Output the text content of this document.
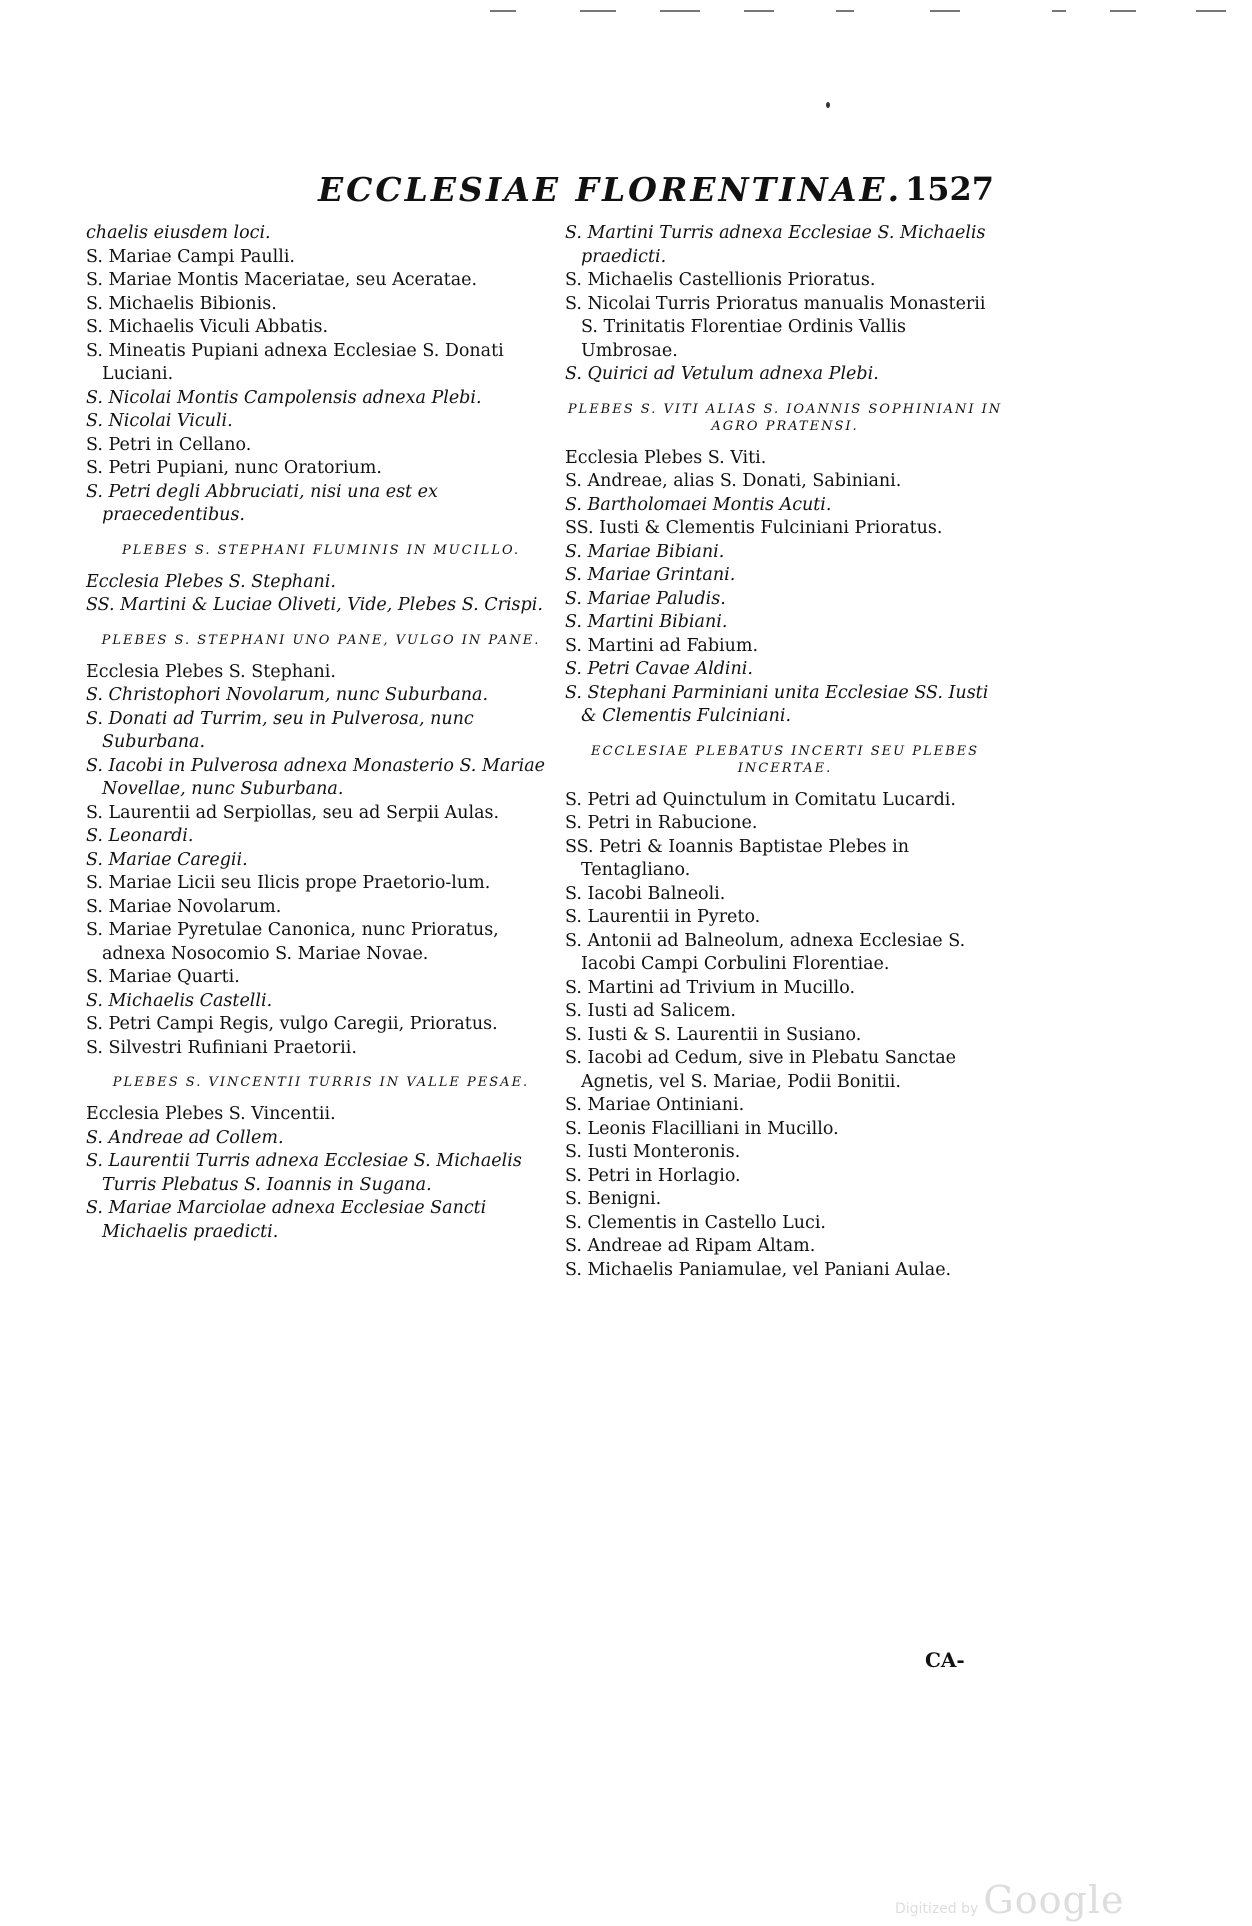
ECCLESIAE FLORENTINAE. 1527
chaelis eiusdem loci.
S. Mariae Campi Paulli.
S. Mariae Montis Maceriatae, seu Aceratae.
S. Michaelis Bibionis.
S. Michaelis Viculi Abbatis.
S. Mineatis Pupiani adnexa Ecclesiae S. Donati Luciani.
S. Nicolai Montis Campolensis adnexa Plebi.
S. Nicolai Viculi.
S. Petri in Cellano.
S. Petri Pupiani, nunc Oratorium.
S. Petri degli Abbruciati, nisi una est ex praecedentibus.
PLEBES S. STEPHANI FLUMINIS IN MUCILLO.
Ecclesia Plebes S. Stephani.
SS. Martini & Luciae Oliveti, Vide, Plebes S. Crispi.
PLEBES S. STEPHANI UNO PANE, VULGO IN PANE.
Ecclesia Plebes S. Stephani.
S. Christophori Novolarum, nunc Suburbana.
S. Donati ad Turrim, seu in Pulverosa, nunc Suburbana.
S. Iacobi in Pulverosa adnexa Monasterio S. Mariae Novellae, nunc Suburbana.
S. Laurentii ad Serpiollas, seu ad Serpii Aulas.
S. Leonardi.
S. Mariae Caregii.
S. Mariae Licii seu Ilicis prope Praetorio-lum.
S. Mariae Novolarum.
S. Mariae Pyretulae Canonica, nunc Prioratus, adnexa Nosocomio S. Mariae Novae.
S. Mariae Quarti.
S. Michaelis Castelli.
S. Petri Campi Regis, vulgo Caregii, Prioratus.
S. Silvestri Rufiniani Praetorii.
PLEBES S. VINCENTII TURRIS IN VALLE PESAE.
Ecclesia Plebes S. Vincentii.
S. Andreae ad Collem.
S. Laurentii Turris adnexa Ecclesiae S. Michaelis Turris Plebatus S. Ioannis in Sugana.
S. Mariae Marciolae adnexa Ecclesiae Sancti Michaelis praedicti.
S. Martini Turris adnexa Ecclesiae S. Michaelis praedicti.
S. Michaelis Castellionis Prioratus.
S. Nicolai Turris Prioratus manualis Monasterii S. Trinitatis Florentiae Ordinis Vallis Umbrosae.
S. Quirici ad Vetulum adnexa Plebi.
PLEBES S. VITI ALIAS S. IOANNIS SOPHINIANI IN AGRO PRATENSI.
Ecclesia Plebes S. Viti.
S. Andreae, alias S. Donati, Sabiniani.
S. Bartholomaei Montis Acuti.
SS. Iusti & Clementis Fulciniani Prioratus.
S. Mariae Bibiani.
S. Mariae Grintani.
S. Mariae Paludis.
S. Martini Bibiani.
S. Martini ad Fabium.
S. Petri Cavae Aldini.
S. Stephani Parminiani unita Ecclesiae SS. Iusti & Clementis Fulciniani.
ECCLESIAE PLEBATUS INCERTI SEU PLEBES INCERTAE.
S. Petri ad Quinctulum in Comitatu Lucardi.
S. Petri in Rabucione.
SS. Petri & Ioannis Baptistae Plebes in Tentagliano.
S. Iacobi Balneoli.
S. Laurentii in Pyreto.
S. Antonii ad Balneolum, adnexa Ecclesiae S. Iacobi Campi Corbulini Florentiae.
S. Martini ad Trivium in Mucillo.
S. Iusti ad Salicem.
S. Iusti & S. Laurentii in Susiano.
S. Iacobi ad Cedum, sive in Plebatu Sanctae Agnetis, vel S. Mariae, Podii Bonitii.
S. Mariae Ontiniani.
S. Leonis Flacilliani in Mucillo.
S. Iusti Monteronis.
S. Petri in Horlagio.
S. Benigni.
S. Clementis in Castello Luci.
S. Andreae ad Ripam Altam.
S. Michaelis Paniamulae, vel Paniani Aulae.
CA-
Digitized by Google
